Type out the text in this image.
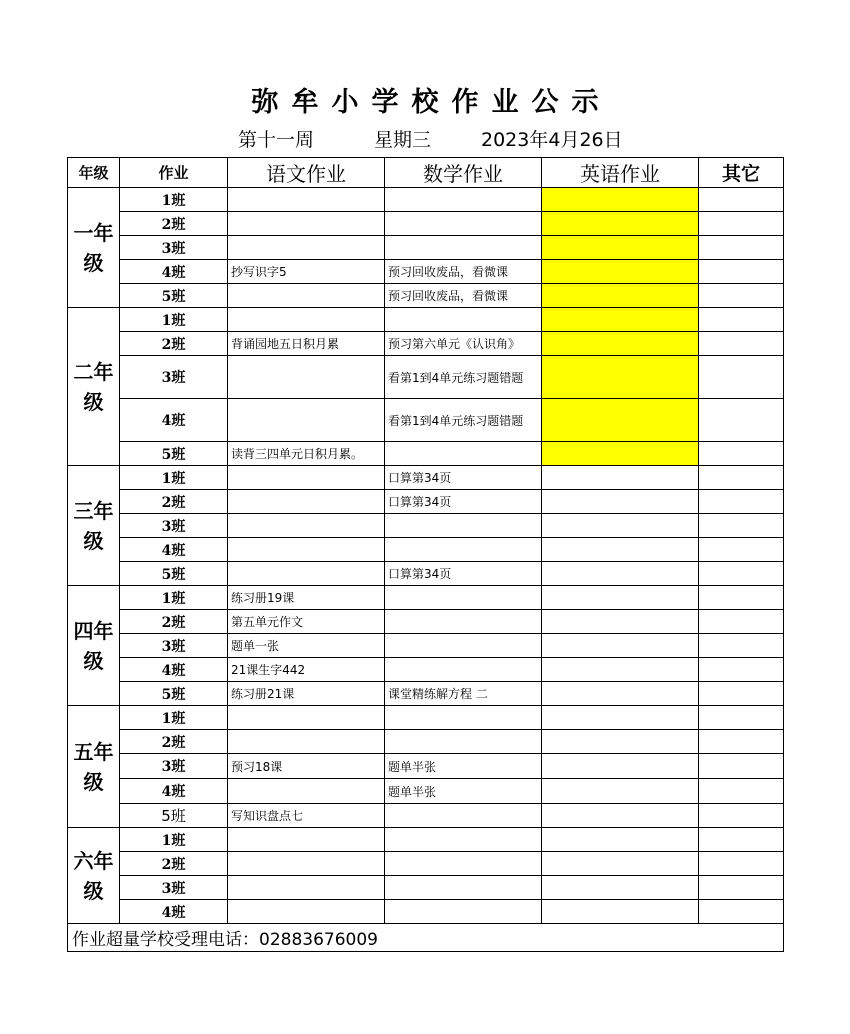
弥牟小学校作业公示
第十一周	星期三	2023年4月26日
年级	作业	语文作业	数学作业	英语作业	其它
一年级	1班				
	2班				
	3班				
	4班	抄写识字5	预习回收废品，看微课		
	5班		预习回收废品，看微课		
二年级	1班				
	2班	背诵园地五日积月累	预习第六单元《认识角》		
	3班		看第1到4单元练习题错题		
	4班		看第1到4单元练习题错题		
	5班	读背三四单元日积月累。			
三年级	1班		口算第34页		
	2班		口算第34页		
	3班				
	4班				
	5班		口算第34页		
四年级	1班	练习册19课			
	2班	第五单元作文			
	3班	题单一张			
	4班	21课生字442			
	5班	练习册21课	课堂精练解方程 二		
五年级	1班				
	2班				
	3班	预习18课	题单半张		
	4班		题单半张		
	5班	写知识盘点七			
六年级	1班				
	2班				
	3班				
	4班				
作业超量学校受理电话：02883676009					
